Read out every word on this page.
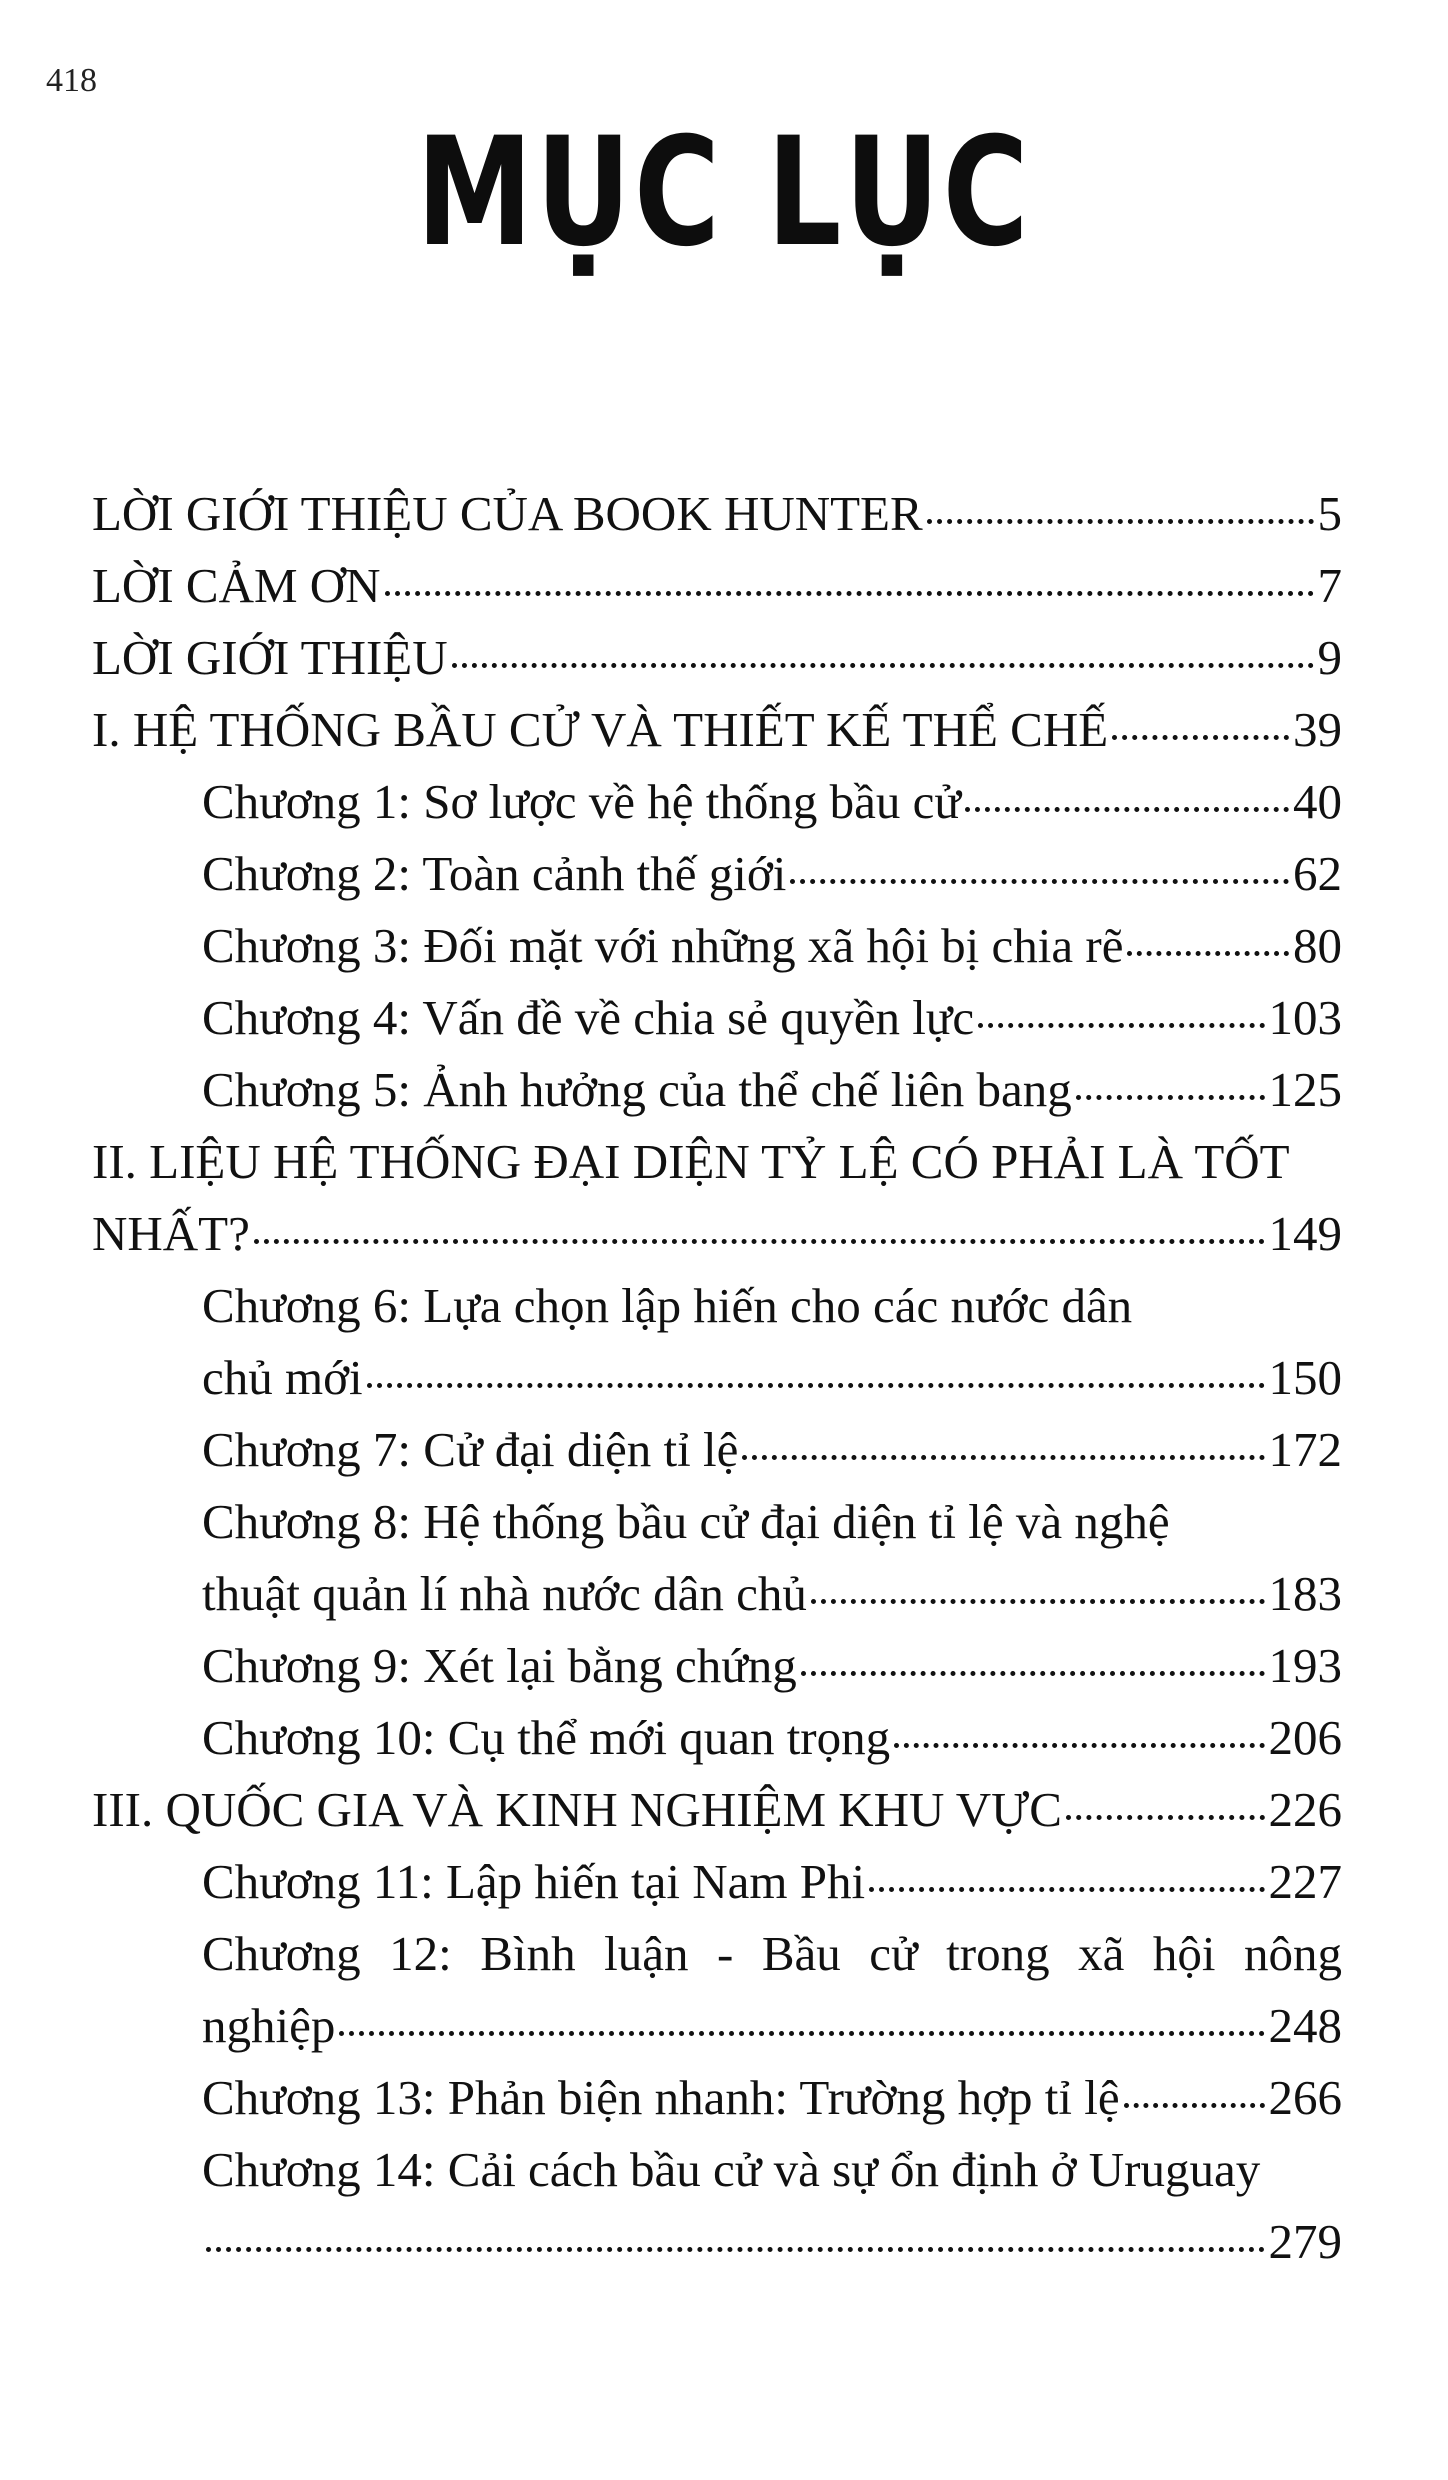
418
MỤC LỤC
LỜI GIỚI THIỆU CỦA BOOK HUNTER	5
LỜI CẢM ƠN	7
LỜI GIỚI THIỆU	9
I. HỆ THỐNG BẦU CỬ VÀ THIẾT KẾ THỂ CHẾ	39
Chương 1: Sơ lược về hệ thống bầu cử	40
Chương 2: Toàn cảnh thế giới	62
Chương 3: Đối mặt với những xã hội bị chia rẽ	80
Chương 4: Vấn đề về chia sẻ quyền lực	103
Chương 5: Ảnh hưởng của thể chế liên bang	125
II. LIỆU HỆ THỐNG ĐẠI DIỆN TỶ LỆ CÓ PHẢI LÀ TỐT
NHẤT?	149
Chương 6: Lựa chọn lập hiến cho các nước dân
chủ mới	150
Chương 7: Cử đại diện tỉ lệ	172
Chương 8: Hệ thống bầu cử đại diện tỉ lệ và nghệ
thuật quản lí nhà nước dân chủ	183
Chương 9: Xét lại bằng chứng	193
Chương 10: Cụ thể mới quan trọng	206
III. QUỐC GIA VÀ KINH NGHIỆM KHU VỰC	226
Chương 11: Lập hiến tại Nam Phi	227
Chương 12: Bình luận - Bầu cử trong xã hội nông
nghiệp	248
Chương 13: Phản biện nhanh: Trường hợp tỉ lệ	266
Chương 14: Cải cách bầu cử và sự ổn định ở Uruguay
279
